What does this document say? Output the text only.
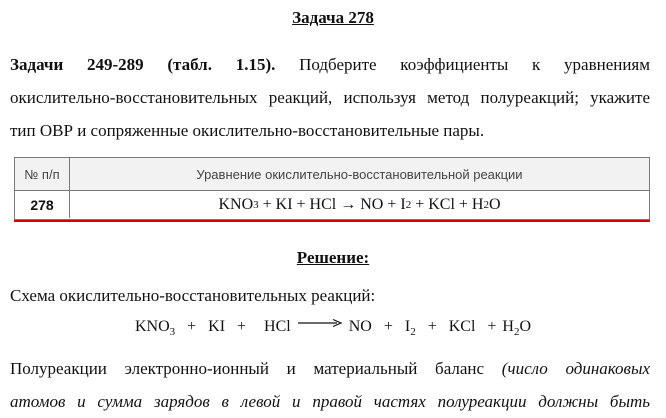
Задача 278
Задачи 249-289 (табл. 1.15). Подберите коэффициенты к уравнениям
окислительно-восстановительных реакций, используя метод полуреакций; укажите
тип ОВР и сопряженные окислительно-восстановительные пары.
№ п/п	Уравнение окислительно-восстановительной реакции
278	KNO 3 + KI + HCl → NO + I 2 + KCl + H 2 O
Решение:
Схема окислительно-восстановительных реакций:
$KNO_3$  +  KI  +   HCl	NO  +  $I_2$  +  KCl  + $H_2O$
Полуреакции электронно-ионный и материальный баланс (число одинаковых
атомов и сумма зарядов в левой и правой частях полуреакции должны быть
